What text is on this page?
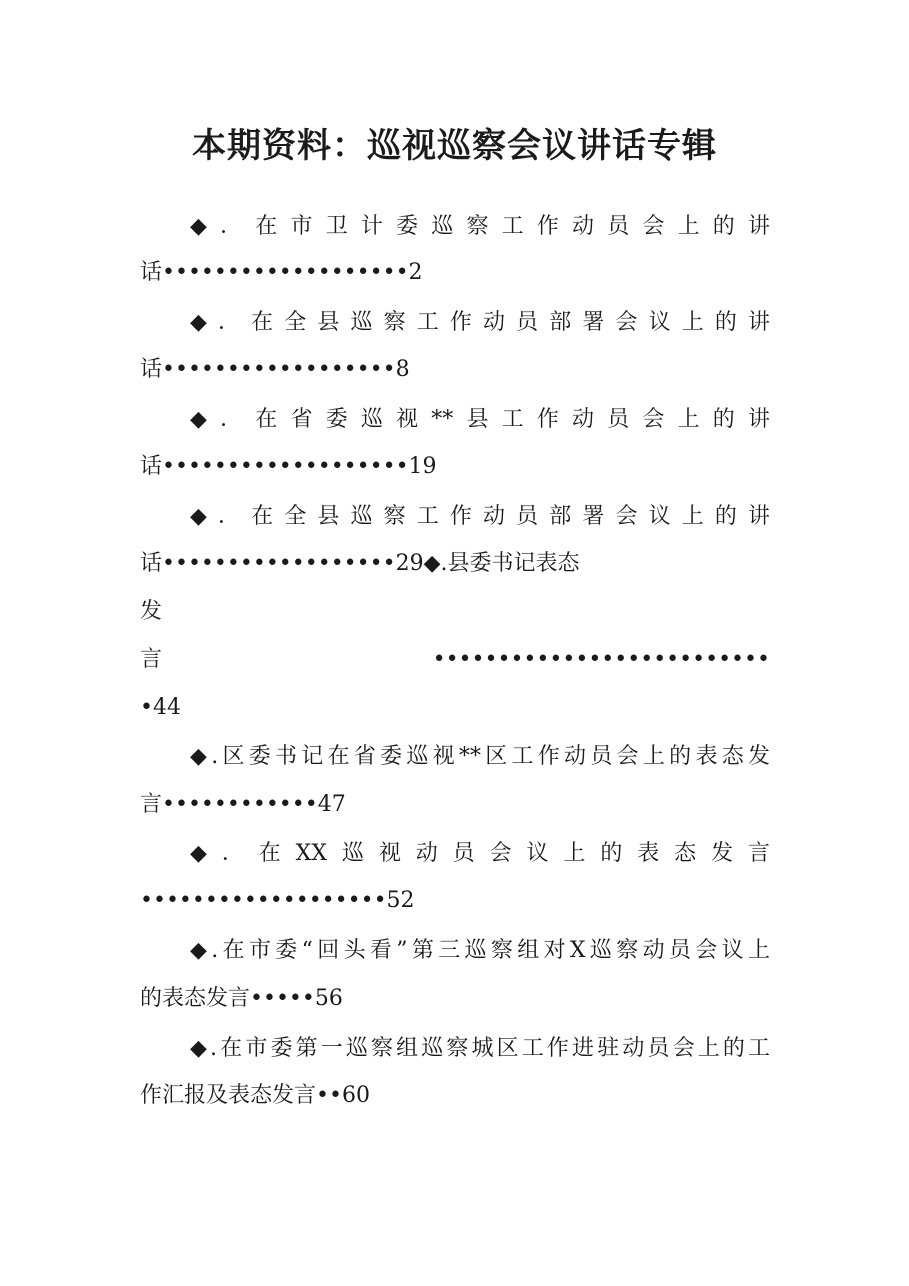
本期资料：巡视巡察会议讲话专辑
◆．在市卫计委巡察工作动员会上的讲
话•••••••••••••••••••2
◆．在全县巡察工作动员部署会议上的讲
话••••••••••••••••••8
◆．在省委巡视**县工作动员会上的讲
话•••••••••••••••••••19
◆．在全县巡察工作动员部署会议上的讲
话••••••••••••••••••29◆.县委书记表态
发
言••••••••••••••••••••••••••
•44
◆.区委书记在省委巡视**区工作动员会上的表态发
言••••••••••••47
◆．在XX巡视动员会议上的表态发言
•••••••••••••••••••52
◆.在市委“回头看”第三巡察组对X巡察动员会议上
的表态发言•••••56
◆.在市委第一巡察组巡察城区工作进驻动员会上的工
作汇报及表态发言••60
